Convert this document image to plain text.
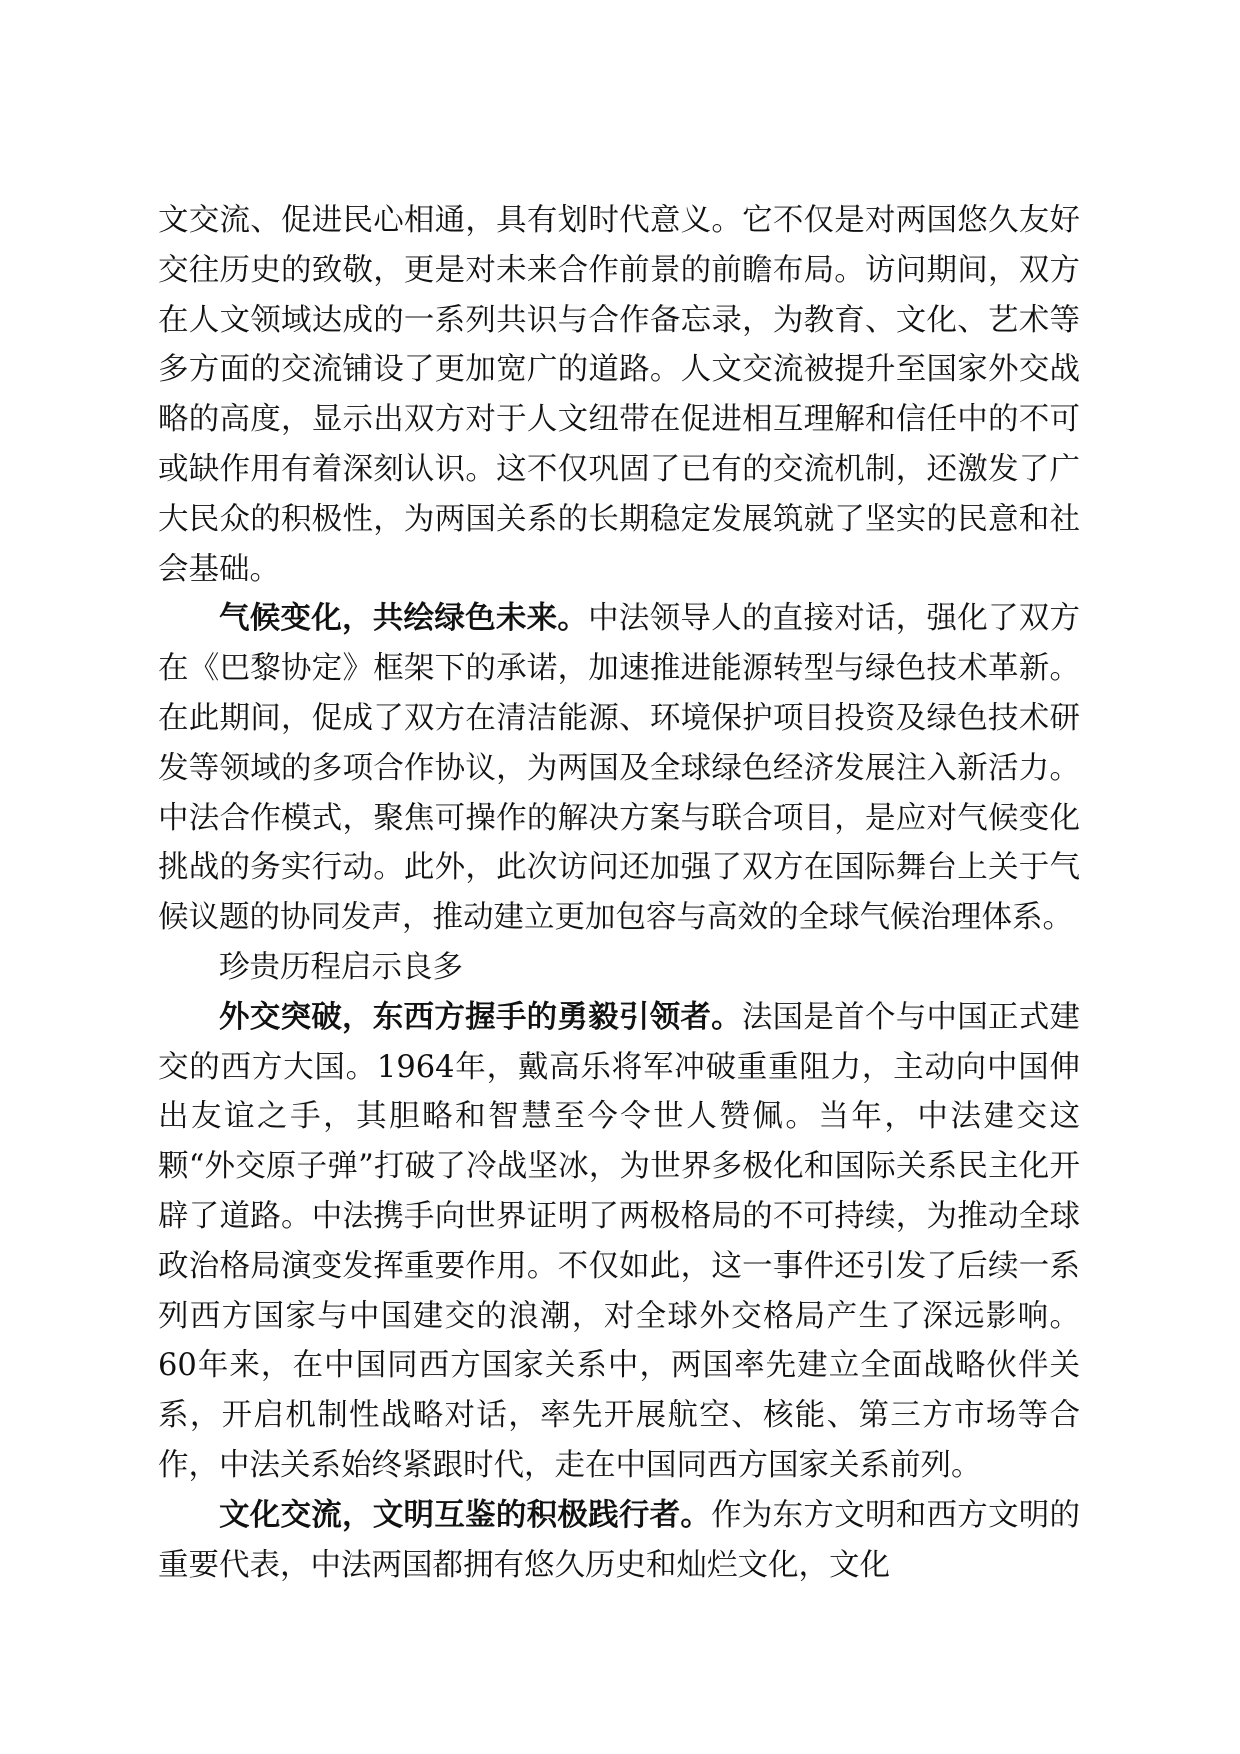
文交流、促进民心相通，具有划时代意义。它不仅是对两国悠久友好交往历史的致敬，更是对未来合作前景的前瞻布局。访问期间，双方在人文领域达成的一系列共识与合作备忘录，为教育、文化、艺术等多方面的交流铺设了更加宽广的道路。人文交流被提升至国家外交战略的高度，显示出双方对于人文纽带在促进相互理解和信任中的不可或缺作用有着深刻认识。这不仅巩固了已有的交流机制，还激发了广大民众的积极性，为两国关系的长期稳定发展筑就了坚实的民意和社会基础。

气候变化，共绘绿色未来。中法领导人的直接对话，强化了双方在《巴黎协定》框架下的承诺，加速推进能源转型与绿色技术革新。在此期间，促成了双方在清洁能源、环境保护项目投资及绿色技术研发等领域的多项合作协议，为两国及全球绿色经济发展注入新活力。中法合作模式，聚焦可操作的解决方案与联合项目，是应对气候变化挑战的务实行动。此外，此次访问还加强了双方在国际舞台上关于气候议题的协同发声，推动建立更加包容与高效的全球气候治理体系。

珍贵历程启示良多

外交突破，东西方握手的勇毅引领者。法国是首个与中国正式建交的西方大国。1964年，戴高乐将军冲破重重阻力，主动向中国伸出友谊之手，其胆略和智慧至今令世人赞佩。当年，中法建交这颗“外交原子弹”打破了冷战坚冰，为世界多极化和国际关系民主化开辟了道路。中法携手向世界证明了两极格局的不可持续，为推动全球政治格局演变发挥重要作用。不仅如此，这一事件还引发了后续一系列西方国家与中国建交的浪潮，对全球外交格局产生了深远影响。60年来，在中国同西方国家关系中，两国率先建立全面战略伙伴关系，开启机制性战略对话，率先开展航空、核能、第三方市场等合作，中法关系始终紧跟时代，走在中国同西方国家关系前列。

文化交流，文明互鉴的积极践行者。作为东方文明和西方文明的重要代表，中法两国都拥有悠久历史和灿烂文化，文化
